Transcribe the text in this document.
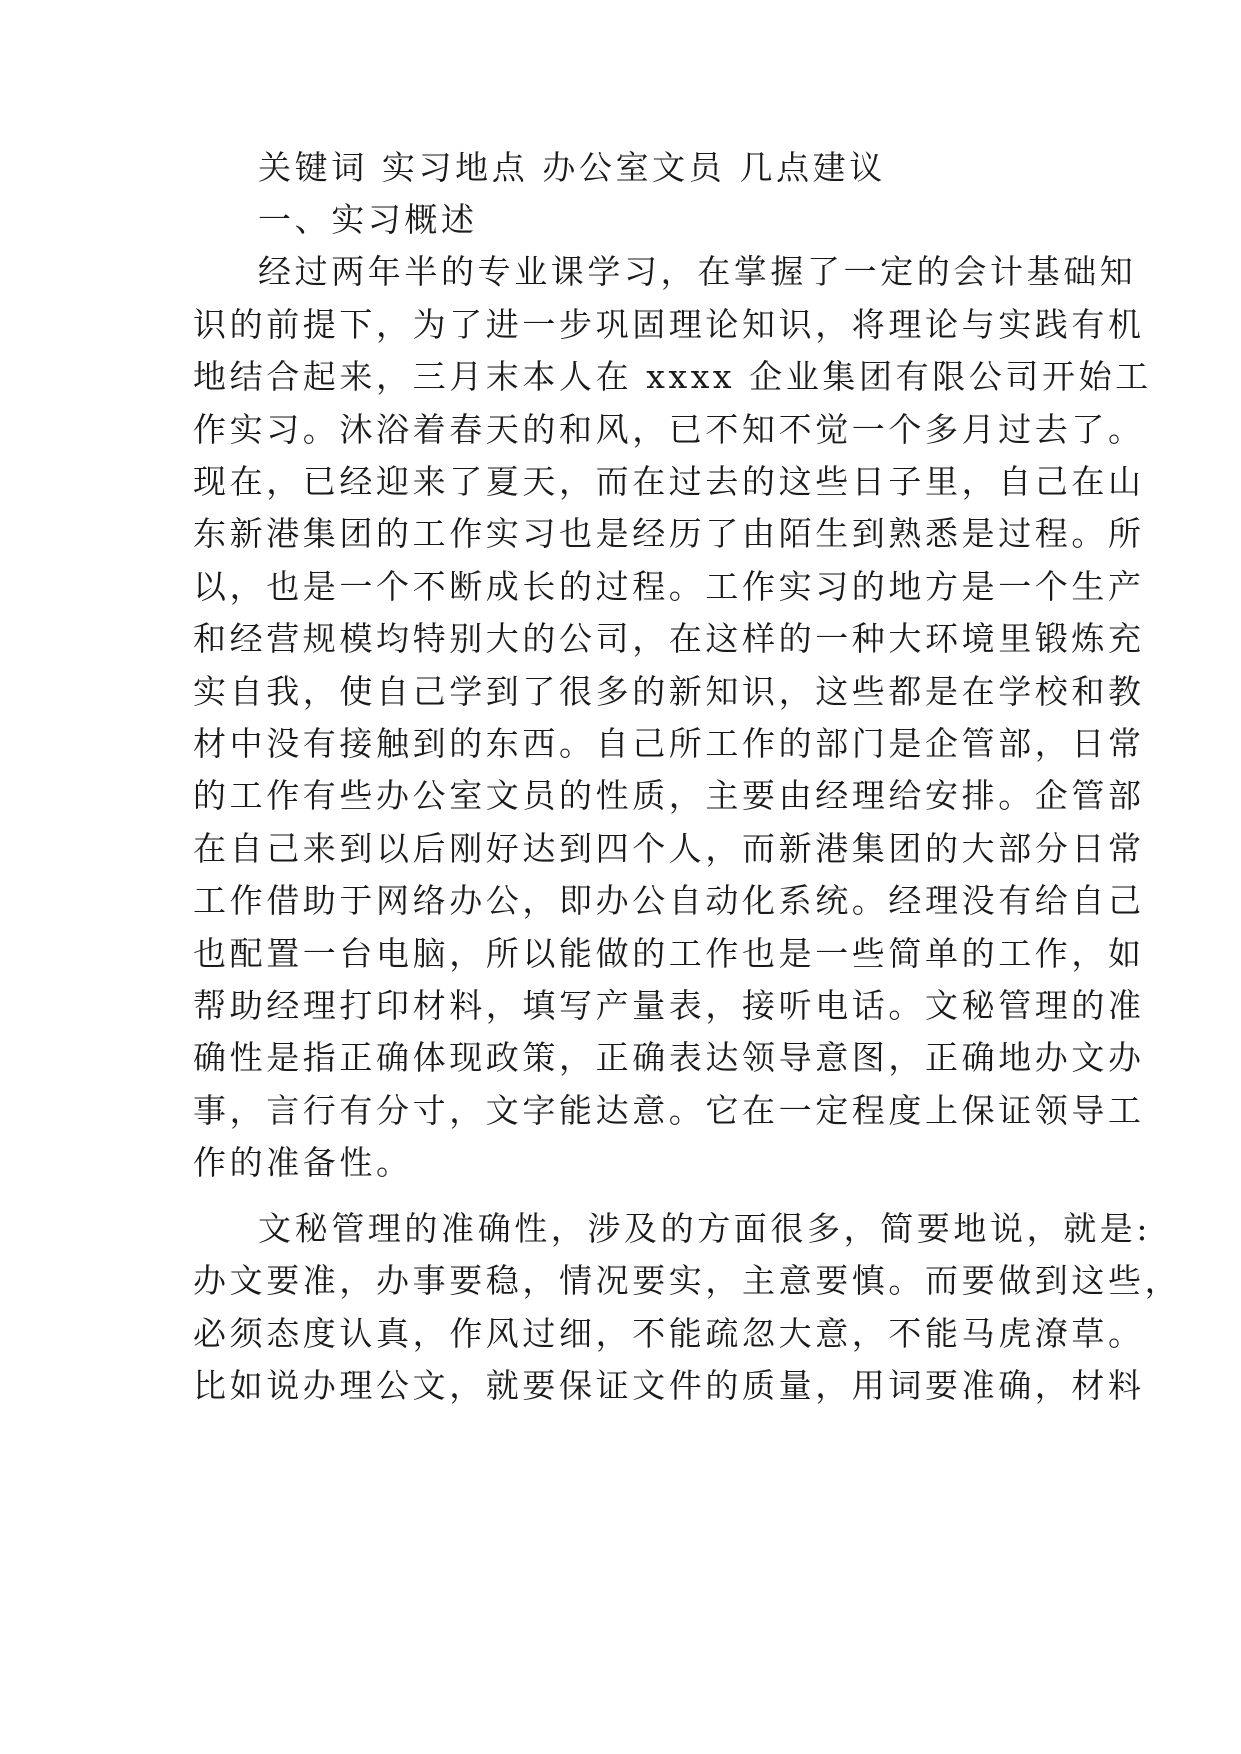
关键词 实习地点 办公室文员 几点建议
一、实习概述
经过两年半的专业课学习，在掌握了一定的会计基础知
识的前提下，为了进一步巩固理论知识，将理论与实践有机
地结合起来，三月末本人在 xxxx 企业集团有限公司开始工
作实习。沐浴着春天的和风，已不知不觉一个多月过去了。
现在，已经迎来了夏天，而在过去的这些日子里，自己在山
东新港集团的工作实习也是经历了由陌生到熟悉是过程。所
以，也是一个不断成长的过程。工作实习的地方是一个生产
和经营规模均特别大的公司，在这样的一种大环境里锻炼充
实自我，使自己学到了很多的新知识，这些都是在学校和教
材中没有接触到的东西。自己所工作的部门是企管部，日常
的工作有些办公室文员的性质，主要由经理给安排。企管部
在自己来到以后刚好达到四个人，而新港集团的大部分日常
工作借助于网络办公，即办公自动化系统。经理没有给自己
也配置一台电脑，所以能做的工作也是一些简单的工作，如
帮助经理打印材料，填写产量表，接听电话。文秘管理的准
确性是指正确体现政策，正确表达领导意图，正确地办文办
事，言行有分寸，文字能达意。它在一定程度上保证领导工
作的准备性。
文秘管理的准确性，涉及的方面很多，简要地说，就是:
办文要准，办事要稳，情况要实，主意要慎。而要做到这些，
必须态度认真，作风过细，不能疏忽大意，不能马虎潦草。
比如说办理公文，就要保证文件的质量，用词要准确，材料
